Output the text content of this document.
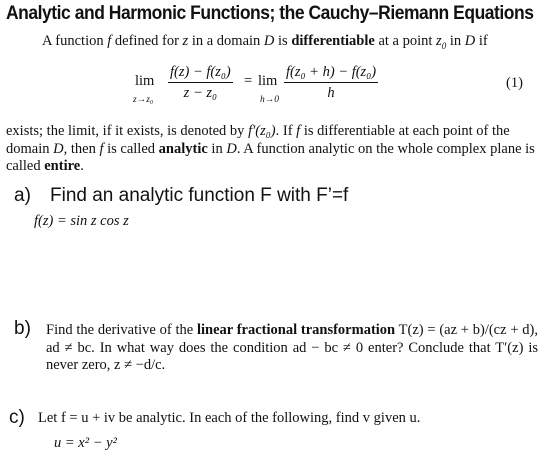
Analytic and Harmonic Functions; the Cauchy–Riemann Equations
A function f defined for z in a domain D is differentiable at a point $z_0$ in D if
lim
$z\to z_0 \frac{\text{f(z) − f(z₀)}}{\text{z − z₀}} = \lim$
$h\to 0 \frac{\text{f(z₀ + h) − f(z₀)}}{h}$	(1)
exists; the limit, if it exists, is denoted by f′(z₀). If f is differentiable at each point of the domain D, then f is called analytic in D. A function analytic on the whole complex plane is called entire.
a) Find an analytic function F with F’=f
f(z) = sin z cos z
b) Find the derivative of the linear fractional transformation T(z) = (az + b)/(cz + d), ad ≠ bc. In what way does the condition ad − bc ≠ 0 enter? Conclude that T′(z) is never zero, z ≠ −d/c.
c) Let f = u + iv be analytic. In each of the following, find v given u.
u = x² − y²
